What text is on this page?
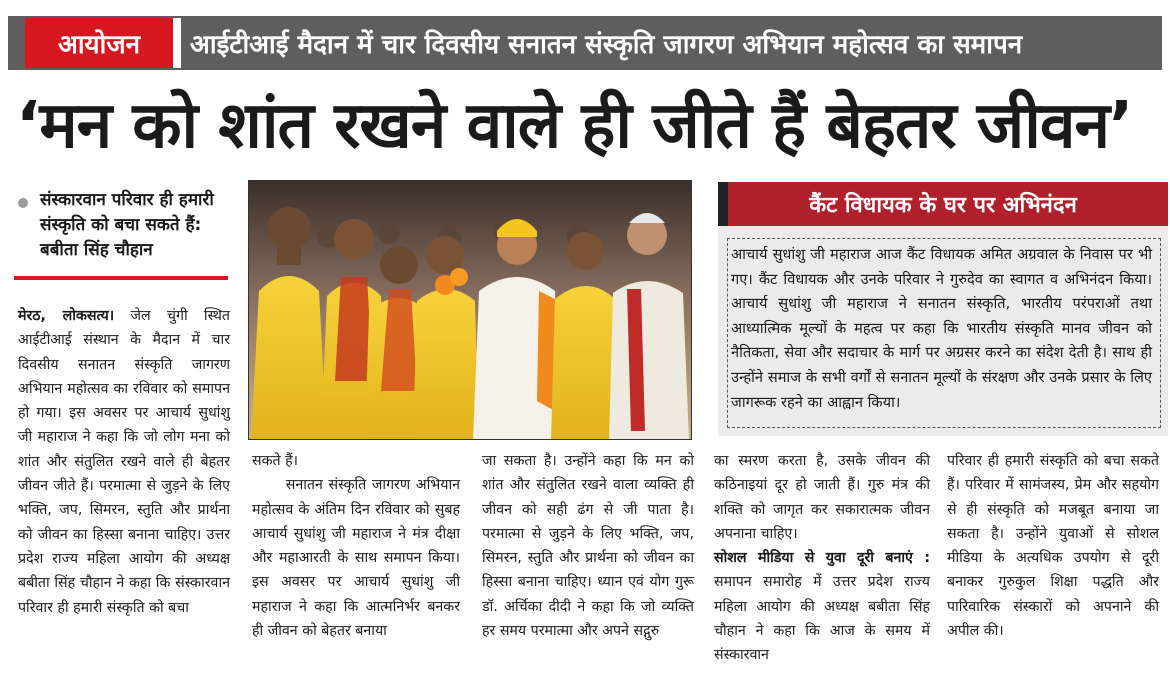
आयोजन	आईटीआई मैदान में चार दिवसीय सनातन संस्कृति जागरण अभियान महोत्सव का समापन
‘मन को शांत रखने वाले ही जीते हैं बेहतर जीवन’
संस्कारवान परिवार ही हमारी संस्कृति को बचा सकते हैं: बबीता सिंह चौहान
मेरठ, लोकसत्य। जेल चुंगी स्थित आईटीआई संस्थान के मैदान में चार दिवसीय सनातन संस्कृति जागरण अभियान महोत्सव का रविवार को समापन हो गया। इस अवसर पर आचार्य सुधांशु जी महाराज ने कहा कि जो लोग मना को शांत और संतुलित रखने वाले ही बेहतर जीवन जीते हैं। परमात्मा से जुड़ने के लिए भक्ति, जप, सिमरन, स्तुति और प्रार्थना को जीवन का हिस्सा बनाना चाहिए। उत्तर प्रदेश राज्य महिला आयोग की अध्यक्ष बबीता सिंह चौहान ने कहा कि संस्कारवान परिवार ही हमारी संस्कृति को बचा
कैंट विधायक के घर पर अभिनंदन
आचार्य सुधांशु जी महाराज आज कैंट विधायक अमित अग्रवाल के निवास पर भी गए। कैंट विधायक और उनके परिवार ने गुरुदेव का स्वागत व अभिनंदन किया। आचार्य सुधांशु जी महाराज ने सनातन संस्कृति, भारतीय परंपराओं तथा आध्यात्मिक मूल्यों के महत्व पर कहा कि भारतीय संस्कृति मानव जीवन को नैतिकता, सेवा और सदाचार के मार्ग पर अग्रसर करने का संदेश देती है। साथ ही उन्होंने समाज के सभी वर्गों से सनातन मूल्यों के संरक्षण और उनके प्रसार के लिए जागरूक रहने का आह्वान किया।
सकते हैं।
सनातन संस्कृति जागरण अभियान महोत्सव के अंतिम दिन रविवार को सुबह आचार्य सुधांशु जी महाराज ने मंत्र दीक्षा और महाआरती के साथ समापन किया। इस अवसर पर आचार्य सुधांशु जी महाराज ने कहा कि आत्मनिर्भर बनकर ही जीवन को बेहतर बनाया
जा सकता है। उन्होंने कहा कि मन को शांत और संतुलित रखने वाला व्यक्ति ही जीवन को सही ढंग से जी पाता है। परमात्मा से जुड़ने के लिए भक्ति, जप, सिमरन, स्तुति और प्रार्थना को जीवन का हिस्सा बनाना चाहिए। ध्यान एवं योग गुरू डॉ. अर्चिका दीदी ने कहा कि जो व्यक्ति हर समय परमात्मा और अपने सद्गुरु
का स्मरण करता है, उसके जीवन की कठिनाइयां दूर हो जाती हैं। गुरु मंत्र की शक्ति को जागृत कर सकारात्मक जीवन अपनाना चाहिए।
सोशल मीडिया से युवा दूरी बनाएं : समापन समारोह में उत्तर प्रदेश राज्य महिला आयोग की अध्यक्ष बबीता सिंह चौहान ने कहा कि आज के समय में संस्कारवान
परिवार ही हमारी संस्कृति को बचा सकते हैं। परिवार में सामंजस्य, प्रेम और सहयोग से ही संस्कृति को मजबूत बनाया जा सकता है। उन्होंने युवाओं से सोशल मीडिया के अत्यधिक उपयोग से दूरी बनाकर गुरुकुल शिक्षा पद्धति और पारिवारिक संस्कारों को अपनाने की अपील की।
